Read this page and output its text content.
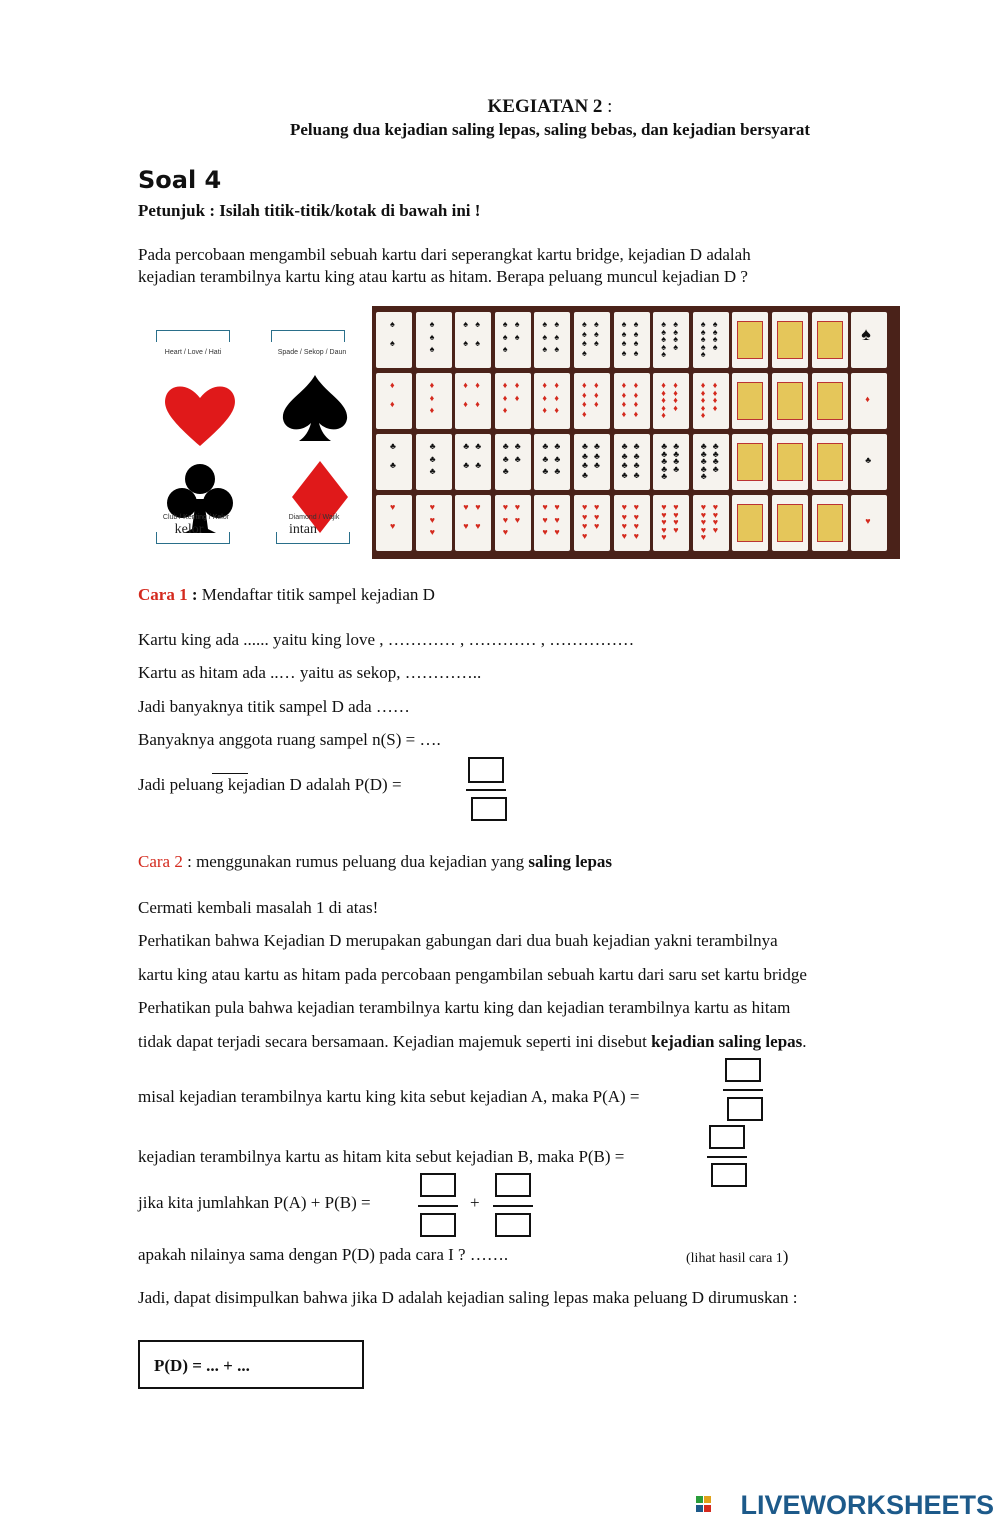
KEGIATAN 2 :
Peluang dua kejadian saling lepas, saling bebas, dan kejadian bersyarat
Soal 4
Petunjuk : Isilah titik-titik/kotak di bawah ini !
Pada percobaan mengambil sebuah kartu dari seperangkat kartu bridge, kejadian D adalah
kejadian terambilnya kartu king atau kartu as hitam. Berapa peluang muncul kejadian D ?
Heart / Love / Hati	Spade / Sekop / Daun
Club / Keriting / Kelor	Diamond / Wajik
kelor	intan
♠
♠
♠
♠
♠
♠
♠
♠
♠
♠
♠
♠
♠
♠
♠
♠
♠
♠
♠
♠
♠
♠
♠
♠
♠
♠
♠
♠
♠
♠
♠
♠
♠
♠
♠
♠
♠
♠
♠
♠
♠
♠
♠
♠
♠
♠
♠
♠
♠
♠
♠
♠
♠
♠
♦
♦
♦
♦
♦
♦
♦
♦
♦
♦
♦
♦
♦
♦
♦
♦
♦
♦
♦
♦
♦
♦
♦
♦
♦
♦
♦
♦
♦
♦
♦
♦
♦
♦
♦
♦
♦
♦
♦
♦
♦
♦
♦
♦
♦
♦
♦
♦
♦
♦
♦
♦
♦
♦
♣
♣
♣
♣
♣
♣
♣
♣
♣
♣
♣
♣
♣
♣
♣
♣
♣
♣
♣
♣
♣
♣
♣
♣
♣
♣
♣
♣
♣
♣
♣
♣
♣
♣
♣
♣
♣
♣
♣
♣
♣
♣
♣
♣
♣
♣
♣
♣
♣
♣
♣
♣
♣
♣
♥
♥
♥
♥
♥
♥
♥
♥
♥
♥
♥
♥
♥
♥
♥
♥
♥
♥
♥
♥
♥
♥
♥
♥
♥
♥
♥
♥
♥
♥
♥
♥
♥
♥
♥
♥
♥
♥
♥
♥
♥
♥
♥
♥
♥
♥
♥
♥
♥
♥
♥
♥
♥
♥
Cara 1 : Mendaftar titik sampel kejadian D
Kartu king ada ...... yaitu king love , ………… , ………… , ……………
Kartu as hitam ada ..… yaitu as sekop, …………..
Jadi banyaknya titik sampel D ada ……
Banyaknya anggota ruang sampel n(S) = ….
Jadi peluang kejadian D adalah P(D) =
Cara 2 : menggunakan rumus peluang dua kejadian yang saling lepas
Cermati kembali masalah 1 di atas!
Perhatikan bahwa Kejadian D merupakan gabungan dari dua buah kejadian yakni terambilnya
kartu king atau kartu as hitam pada percobaan pengambilan sebuah kartu dari saru set kartu bridge
Perhatikan pula bahwa kejadian terambilnya kartu king dan kejadian terambilnya kartu as hitam
tidak dapat terjadi secara bersamaan. Kejadian majemuk seperti ini disebut kejadian saling lepas.
misal kejadian terambilnya kartu king kita sebut kejadian A, maka P(A) =
kejadian terambilnya kartu as hitam kita sebut kejadian B, maka P(B) =
jika kita jumlahkan P(A) + P(B) =	+
apakah nilainya sama dengan P(D) pada cara I ? …….	(lihat hasil cara 1)
Jadi, dapat disimpulkan bahwa jika D adalah kejadian saling lepas maka peluang D dirumuskan :
P(D) = ... + ...
LIVEWORKSHEETS
